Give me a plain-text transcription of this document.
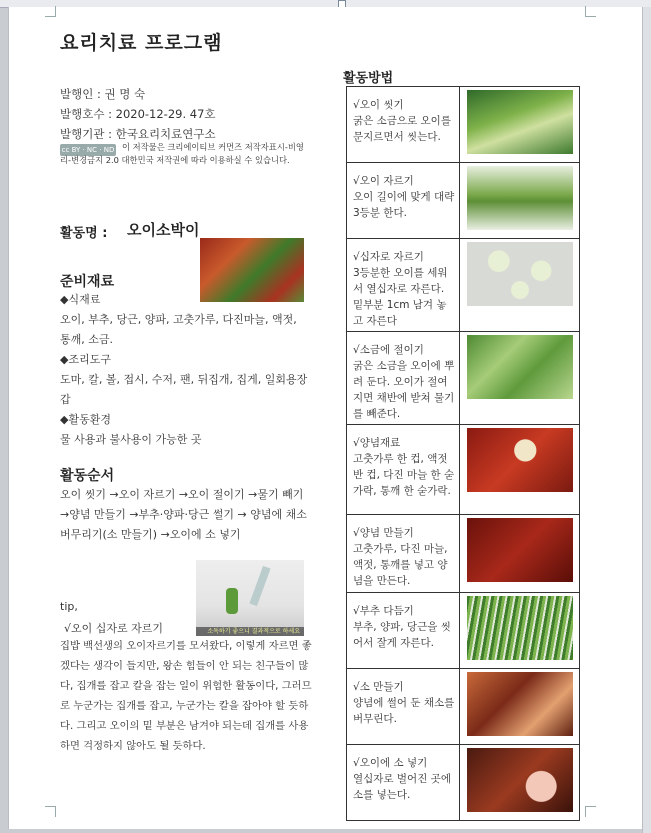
요리치료 프로그램
발행인 : 권 명 숙
발행호수 : 2020-12-29. 47호
발행기관 : 한국요리치료연구소
cc BY · NC · ND 이 저작물은 크리에이티브 커먼즈 저작자표시-비영리-변경금지 2.0 대한민국 저작권에 따라 이용하실 수 있습니다.
활동명 : 오이소박이
준비재료
◆식재료
오이, 부추, 당근, 양파, 고춧가루, 다진마늘, 액젓, 통깨, 소금.
◆조리도구
도마, 칼, 볼, 접시, 수저, 팬, 뒤집개, 집게, 일회용장갑
◆활동환경
물 사용과 불사용이 가능한 곳
활동순서
오이 씻기 →오이 자르기 →오이 절이기 →물기 빼기 →양념 만들기 →부추·양파·당근 썰기 → 양념에 채소 버무리기(소 만들기) →오이에 소 넣기
소독하기 좋으니 결과적으로 하세요
tip,
√오이 십자로 자르기
집밥 백선생의 오이자르기를 모셔왔다, 이렇게 자르면 좋겠다는 생각이 들지만, 왕손 힘들이 안 되는 친구들이 많다, 집개를 잡고 칼을 잡는 일이 위험한 활동이다, 그러므로 누군가는 집개를 잡고, 누군가는 칼을 잡아야 할 듯하다. 그리고 오이의 밑 부분은 남겨야 되는데 집개를 사용하면 걱정하지 않아도 될 듯하다.
활동방법
√오이 씻기
굵은 소금으로 오이를 문지르면서 씻는다.	

√오이 자르기
오이 길이에 맞게 대략 3등분 한다.	

√십자로 자르기
3등분한 오이를 세워서 열십자로 자른다. 밑부분 1cm 남겨 놓고 자른다	

√소금에 절이기
굵은 소금을 오이에 뿌려 둔다. 오이가 절여지면 채반에 받쳐 물기를 빼준다.	

√양념재료
고춧가루 한 컵, 액젓 반 컵, 다진 마늘 한 숟가락, 통깨 한 숟가락.	

√양념 만들기
고춧가루, 다진 마늘, 액젓, 통깨를 넣고 양념을 만든다.	

√부추 다듬기
부추, 양파, 당근을 씻어서 잘게 자른다.	

√소 만들기
양념에 썰어 둔 채소를 버무린다.	

√오이에 소 넣기
열십자로 벌어진 곳에 소를 넣는다.	
